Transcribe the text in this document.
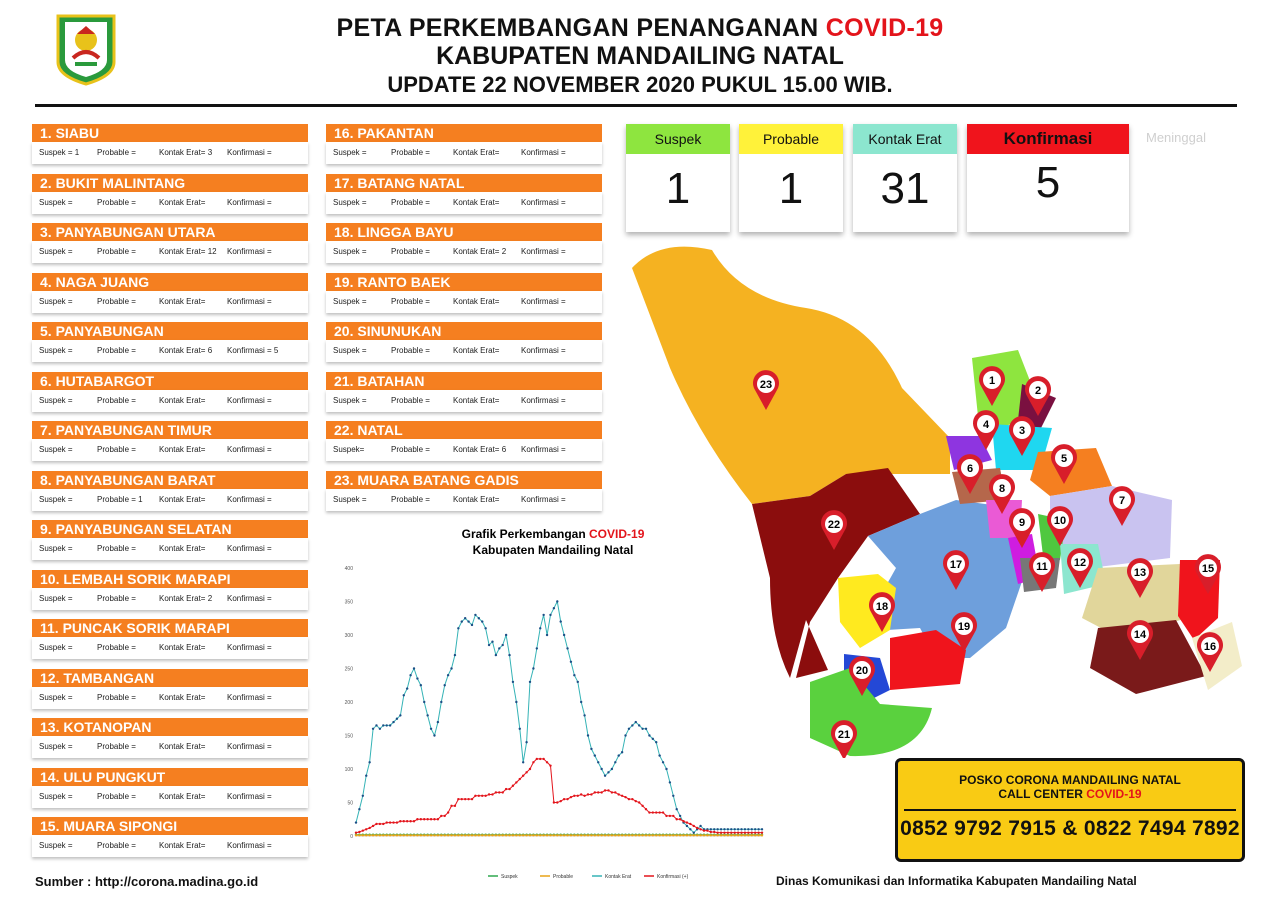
PETA PERKEMBANGAN PENANGANAN COVID-19
KABUPATEN MANDAILING NATAL
UPDATE 22 NOVEMBER 2020 PUKUL 15.00 WIB.
1. SIABU
Suspek = 1 Probable =	Kontak Erat= 3 Konfirmasi =
2. BUKIT MALINTANG
Suspek =	Probable =	Kontak Erat=	Konfirmasi =
3. PANYABUNGAN UTARA
Suspek =	Probable =	Kontak Erat= 12 Konfirmasi =
4. NAGA JUANG
Suspek =	Probable =	Kontak Erat=	Konfirmasi =
5. PANYABUNGAN
Suspek =	Probable =	Kontak Erat= 6 Konfirmasi = 5
6. HUTABARGOT
Suspek =	Probable =	Kontak Erat=	Konfirmasi =
7. PANYABUNGAN TIMUR
Suspek =	Probable =	Kontak Erat=	Konfirmasi =
8. PANYABUNGAN BARAT
Suspek =	Probable = 1 Kontak Erat=	Konfirmasi =
9. PANYABUNGAN SELATAN
Suspek =	Probable =	Kontak Erat=	Konfirmasi =
10. LEMBAH SORIK MARAPI
Suspek =	Probable =	Kontak Erat= 2 Konfirmasi =
11. PUNCAK SORIK MARAPI
Suspek =	Probable =	Kontak Erat=	Konfirmasi =
12. TAMBANGAN
Suspek =	Probable =	Kontak Erat=	Konfirmasi =
13. KOTANOPAN
Suspek =	Probable =	Kontak Erat=	Konfirmasi =
14. ULU PUNGKUT
Suspek =	Probable =	Kontak Erat=	Konfirmasi =
15. MUARA SIPONGI
Suspek =	Probable =	Kontak Erat=	Konfirmasi =
16. PAKANTAN
Suspek =	Probable =	Kontak Erat=	Konfirmasi =
17. BATANG NATAL
Suspek =	Probable =	Kontak Erat=	Konfirmasi =
18. LINGGA BAYU
Suspek =	Probable =	Kontak Erat= 2 Konfirmasi =
19. RANTO BAEK
Suspek =	Probable =	Kontak Erat=	Konfirmasi =
20. SINUNUKAN
Suspek =	Probable =	Kontak Erat=	Konfirmasi =
21. BATAHAN
Suspek =	Probable =	Kontak Erat=	Konfirmasi =
22. NATAL
Suspek=	Probable =	Kontak Erat= 6 Konfirmasi =
23. MUARA BATANG GADIS
Suspek =	Probable =	Kontak Erat=	Konfirmasi =
Suspek
1
Probable
1
Kontak Erat
31
Konfirmasi
5
Meninggal
1
2
3
4
5
6
7
8
9	10
11 12
13
14
15
16
17
18
19
20
21
22
23
Grafik Perkembangan COVID-19
Kabupaten Mandailing Natal
0
50
100
150
200
250
300
350
400
Suspek	Probable	Kontak Erat	Konfirmasi (+)
POSKO CORONA MANDAILING NATAL
CALL CENTER COVID-19
0852 9792 7915 & 0822 7494 7892
Sumber : http://corona.madina.go.id	Dinas Komunikasi dan Informatika Kabupaten Mandailing Natal
